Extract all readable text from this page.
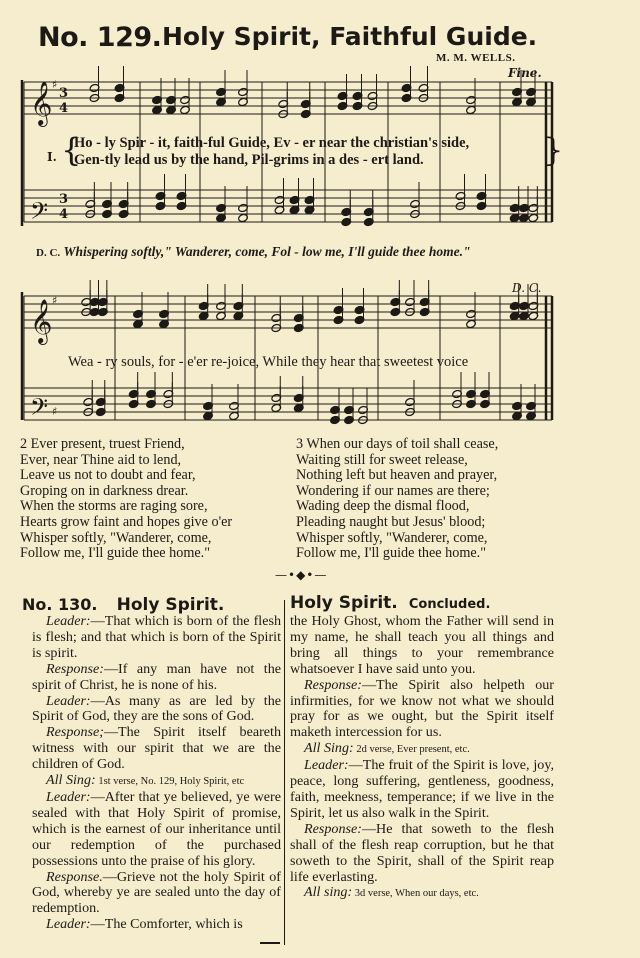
No. 129. Holy Spirit, Faithful Guide.
M. M. WELLS.
Fine.
𝄞
𝄢
𝄞
𝄢
3
4
3
4
♯
♯
♯
I. {
Ho - ly Spir - it, faith-ful Guide, Ev - er near the christian's side,
Gen-tly lead us by the hand, Pil-grims in a des - ert land.	}
D. C. Whispering softly," Wanderer, come, Fol - low me, I'll guide thee home."
D. C.
Wea - ry souls, for - e'er re-joice, While they hear that sweetest voice
2 Ever present, truest Friend,
Ever, near Thine aid to lend,
Leave us not to doubt and fear,
Groping on in darkness drear.
When the storms are raging sore,
Hearts grow faint and hopes give o'er
Whisper softly, "Wanderer, come,
Follow me, I'll guide thee home."
3 When our days of toil shall cease,
Waiting still for sweet release,
Nothing left but heaven and prayer,
Wondering if our names are there;
Wading deep the dismal flood,
Pleading naught but Jesus' blood;
Whisper softly, "Wanderer, come,
Follow me, I'll guide thee home."
—•◆•—
No. 130. Holy Spirit.	Holy Spirit. Concluded.

Leader:—That which is born of the flesh is flesh; and that which is born of the Spirit is spirit.

Response:—If any man have not the spirit of Christ, he is none of his.

Leader:—As many as are led by the Spirit of God, they are the sons of God.

Response;—The Spirit itself beareth witness with our spirit that we are the children of God.

All Sing: 1st verse, No. 129, Holy Spirit, etc

Leader:—After that ye believed, ye were sealed with that Holy Spirit of promise, which is the earnest of our inheritance until our redemption of the purchased possessions unto the praise of his glory.

Response.—Grieve not the holy Spirit of God, whereby ye are sealed unto the day of redemption.

Leader:—The Comforter, which is

the Holy Ghost, whom the Father will send in my name, he shall teach you all things and bring all things to your remembrance whatsoever I have said unto you.

Response:—The Spirit also helpeth our infirmities, for we know not what we should pray for as we ought, but the Spirit itself maketh intercession for us.

All Sing: 2d verse, Ever present, etc.

Leader:—The fruit of the Spirit is love, joy, peace, long suffering, gentleness, goodness, faith, meekness, temperance; if we live in the Spirit, let us also walk in the Spirit.

Response:—He that soweth to the flesh shall of the flesh reap corruption, but he that soweth to the Spirit, shall of the Spirit reap life everlasting.

All sing: 3d verse, When our days, etc.
